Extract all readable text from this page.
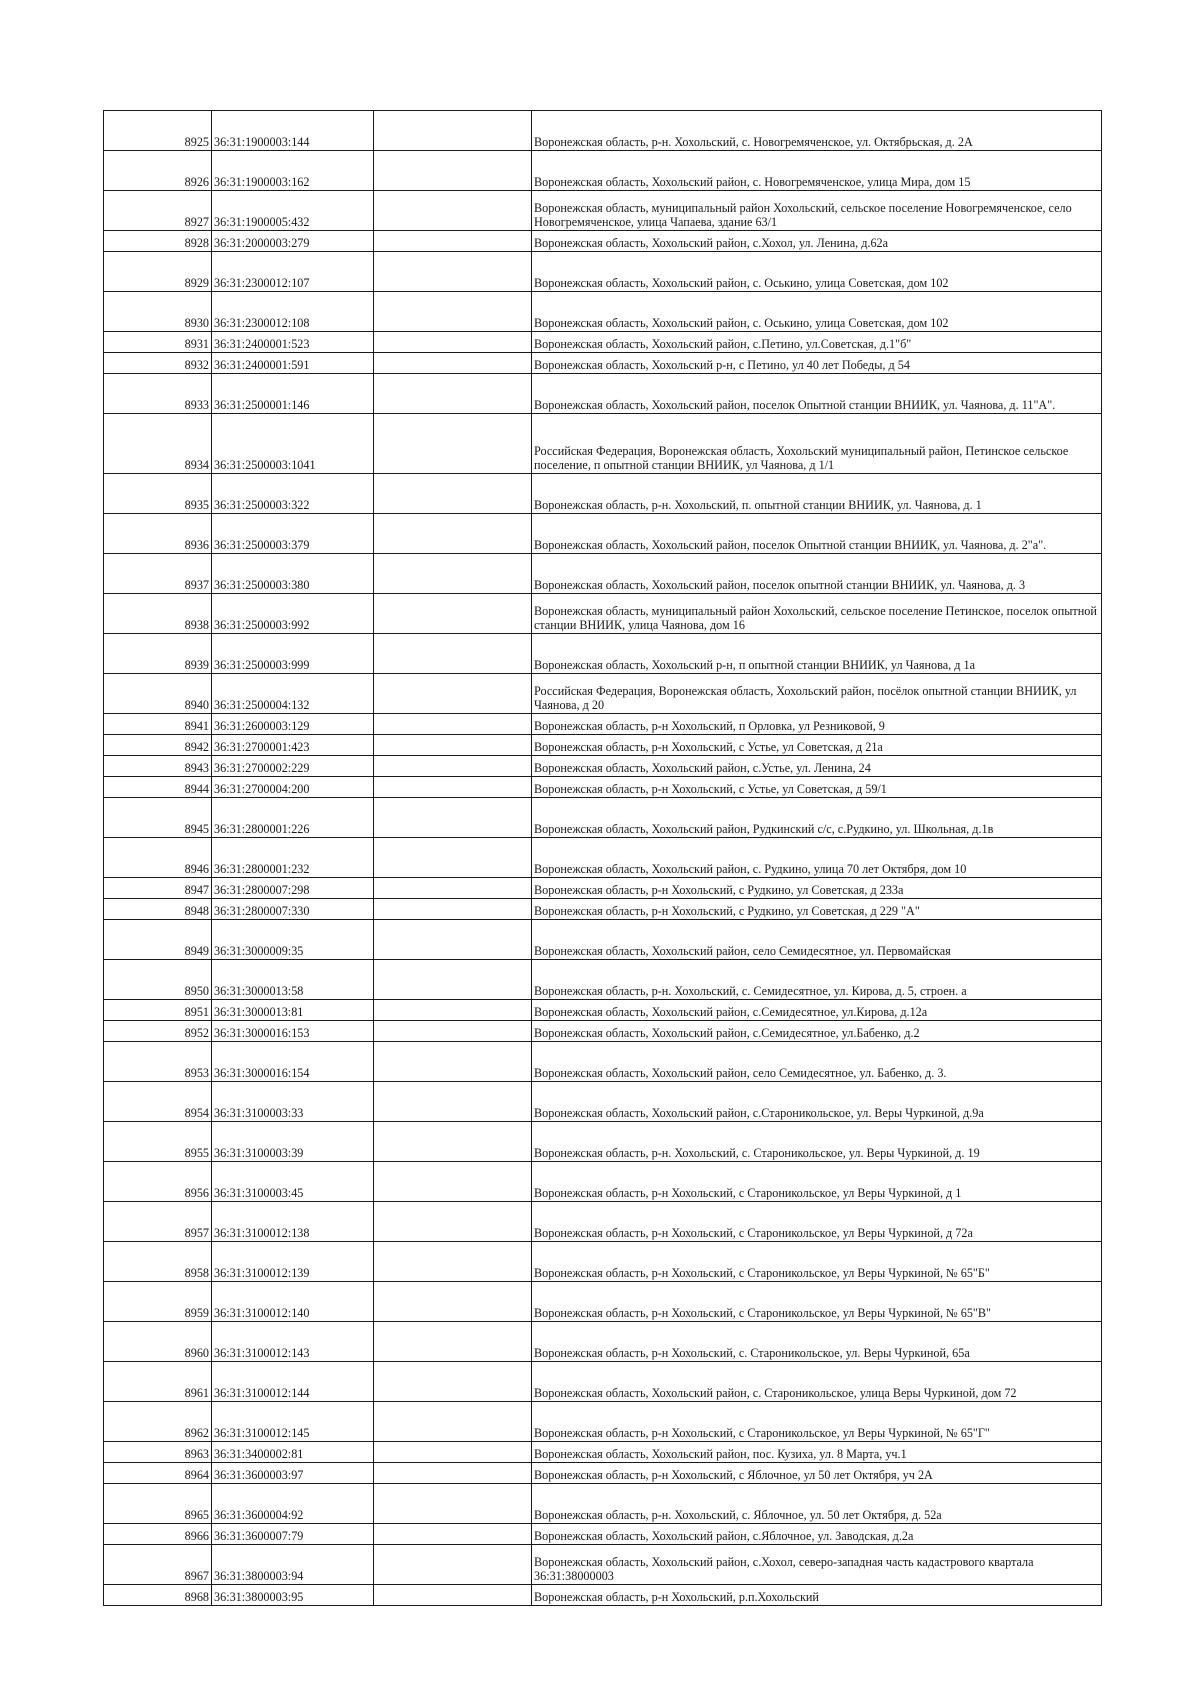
8925	36:31:1900003:144		Воронежская область, р-н. Хохольский, с. Новогремяченское, ул. Октябрьская, д. 2А
8926	36:31:1900003:162		Воронежская область, Хохольский район, с. Новогремяченское, улица Мира, дом 15
8927	36:31:1900005:432		Воронежская область, муниципальный район Хохольский, сельское поселение Новогремяченское, село Новогремяченское, улица Чапаева, здание 63/1
8928	36:31:2000003:279		Воронежская область, Хохольский район, с.Хохол, ул. Ленина, д.62а
8929	36:31:2300012:107		Воронежская область, Хохольский район, с. Оськино, улица Советская, дом 102
8930	36:31:2300012:108		Воронежская область, Хохольский район, с. Оськино, улица Советская, дом 102
8931	36:31:2400001:523		Воронежская область, Хохольский район, с.Петино, ул.Советская, д.1"б"
8932	36:31:2400001:591		Воронежская область, Хохольский р-н, с Петино, ул 40 лет Победы, д 54
8933	36:31:2500001:146		Воронежская область, Хохольский район, поселок Опытной станции ВНИИК, ул. Чаянова, д. 11"А".
8934	36:31:2500003:1041		Российская Федерация, Воронежская область, Хохольский муниципальный район, Петинское сельское поселение, п опытной станции ВНИИК, ул Чаянова, д 1/1
8935	36:31:2500003:322		Воронежская область, р-н. Хохольский, п. опытной станции ВНИИК, ул. Чаянова, д. 1
8936	36:31:2500003:379		Воронежская область, Хохольский район, поселок Опытной станции ВНИИК, ул. Чаянова, д. 2"а".
8937	36:31:2500003:380		Воронежская область, Хохольский район, поселок опытной станции ВНИИК, ул. Чаянова, д. 3
8938	36:31:2500003:992		Воронежская область, муниципальный район Хохольский, сельское поселение Петинское, поселок опытной станции ВНИИК, улица Чаянова, дом 16
8939	36:31:2500003:999		Воронежская область, Хохольский р-н, п опытной станции ВНИИК, ул Чаянова, д 1а
8940	36:31:2500004:132		Российская Федерация, Воронежская область, Хохольский район, посёлок опытной станции ВНИИК, ул Чаянова, д 20
8941	36:31:2600003:129		Воронежская область, р-н Хохольский, п Орловка, ул Резниковой, 9
8942	36:31:2700001:423		Воронежская область, р-н Хохольский, с Устье, ул Советская, д 21а
8943	36:31:2700002:229		Воронежская область, Хохольский район, с.Устье, ул. Ленина, 24
8944	36:31:2700004:200		Воронежская область, р-н Хохольский, с Устье, ул Советская, д 59/1
8945	36:31:2800001:226		Воронежская область, Хохольский район, Рудкинский с/с, с.Рудкино, ул. Школьная, д.1в
8946	36:31:2800001:232		Воронежская область, Хохольский район, с. Рудкино, улица 70 лет Октября, дом 10
8947	36:31:2800007:298		Воронежская область, р-н Хохольский, с Рудкино, ул Советская, д 233а
8948	36:31:2800007:330		Воронежская область, р-н Хохольский, с Рудкино, ул Советская, д 229 "А"
8949	36:31:3000009:35		Воронежская область, Хохольский район, село Семидесятное, ул. Первомайская
8950	36:31:3000013:58		Воронежская область, р-н. Хохольский, с. Семидесятное, ул. Кирова, д. 5, строен. а
8951	36:31:3000013:81		Воронежская область, Хохольский район, с.Семидесятное, ул.Кирова, д.12а
8952	36:31:3000016:153		Воронежская область, Хохольский район, с.Семидесятное, ул.Бабенко, д.2
8953	36:31:3000016:154		Воронежская область, Хохольский район, село Семидесятное, ул. Бабенко, д. 3.
8954	36:31:3100003:33		Воронежская область, Хохольский район, с.Староникольское, ул. Веры Чуркиной, д.9а
8955	36:31:3100003:39		Воронежская область, р-н. Хохольский, с. Староникольское, ул. Веры Чуркиной, д. 19
8956	36:31:3100003:45		Воронежская область, р-н Хохольский, с Староникольское, ул Веры Чуркиной, д 1
8957	36:31:3100012:138		Воронежская область, р-н Хохольский, с Староникольское, ул Веры Чуркиной, д 72а
8958	36:31:3100012:139		Воронежская область, р-н Хохольский, с Староникольское, ул Веры Чуркиной, № 65"Б"
8959	36:31:3100012:140		Воронежская область, р-н Хохольский, с Староникольское, ул Веры Чуркиной, № 65"В"
8960	36:31:3100012:143		Воронежская область, р-н Хохольский, с. Староникольское, ул. Веры Чуркиной, 65а
8961	36:31:3100012:144		Воронежская область, Хохольский район, с. Староникольское, улица Веры Чуркиной, дом 72
8962	36:31:3100012:145		Воронежская область, р-н Хохольский, с Староникольское, ул Веры Чуркиной, № 65"Г"
8963	36:31:3400002:81		Воронежская область, Хохольский район, пос. Кузиха, ул. 8 Марта, уч.1
8964	36:31:3600003:97		Воронежская область, р-н Хохольский, с Яблочное, ул 50 лет Октября, уч 2А
8965	36:31:3600004:92		Воронежская область, р-н. Хохольский, с. Яблочное, ул. 50 лет Октября, д. 52а
8966	36:31:3600007:79		Воронежская область, Хохольский район, с.Яблочное, ул. Заводская, д.2а
8967	36:31:3800003:94		Воронежская область, Хохольский район, с.Хохол, северо-западная часть кадастрового квартала 36:31:38000003
8968	36:31:3800003:95		Воронежская область, р-н Хохольский, р.п.Хохольский
